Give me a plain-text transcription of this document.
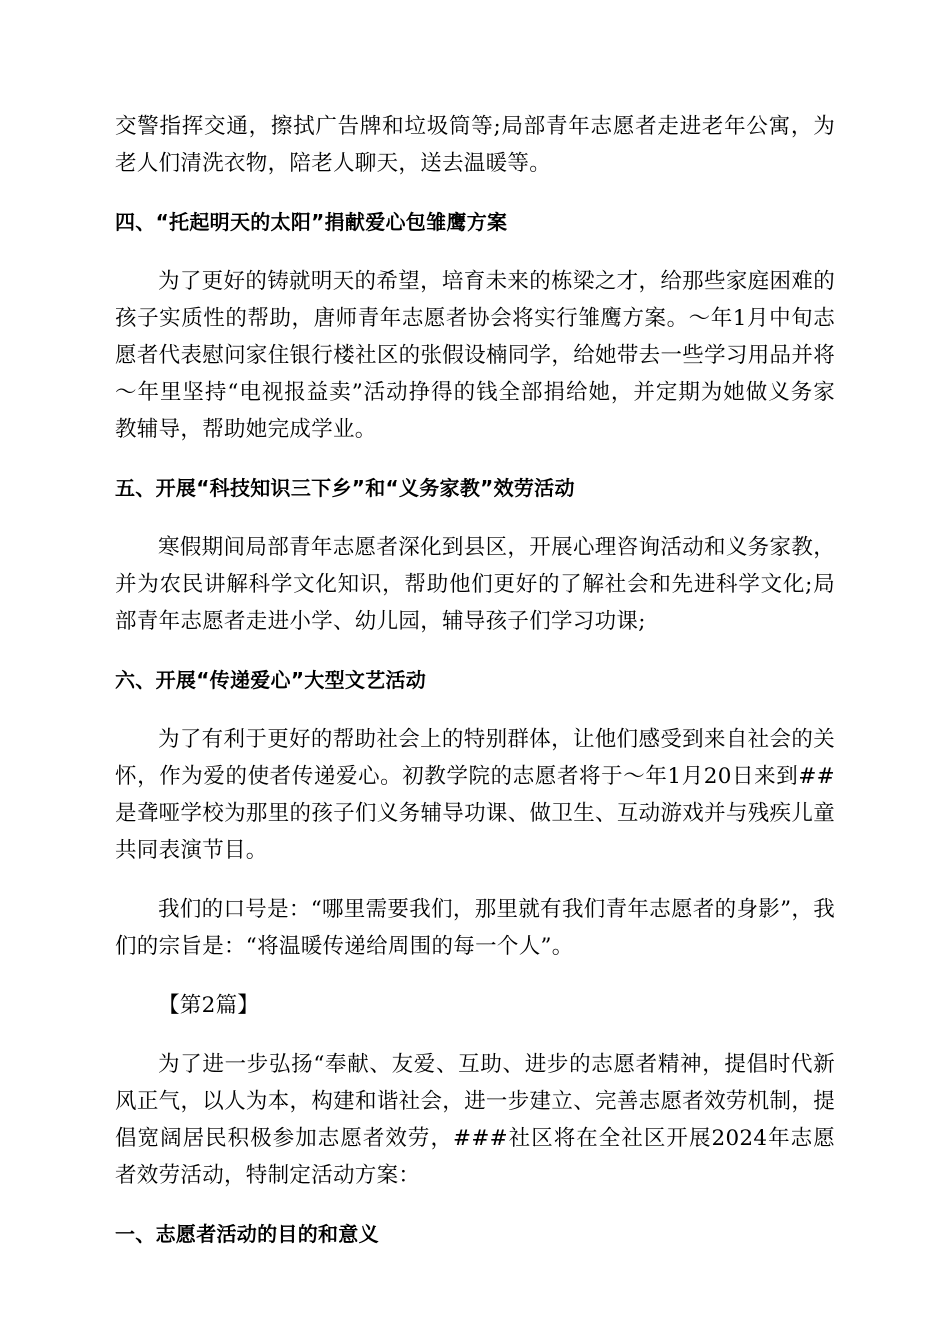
交警指挥交通，擦拭广告牌和垃圾筒等;局部青年志愿者走进老年公寓，为老人们清洗衣物，陪老人聊天，送去温暖等。

四、“托起明天的太阳”捐献爱心包雏鹰方案

为了更好的铸就明天的希望，培育未来的栋梁之才，给那些家庭困难的孩子实质性的帮助，唐师青年志愿者协会将实行雏鹰方案。～年1月中旬志愿者代表慰问家住银行楼社区的张假设楠同学，给她带去一些学习用品并将～年里坚持“电视报益卖”活动挣得的钱全部捐给她，并定期为她做义务家教辅导，帮助她完成学业。

五、开展“科技知识三下乡”和“义务家教”效劳活动

寒假期间局部青年志愿者深化到县区，开展心理咨询活动和义务家教，并为农民讲解科学文化知识，帮助他们更好的了解社会和先进科学文化;局部青年志愿者走进小学、幼儿园，辅导孩子们学习功课;

六、开展“传递爱心”大型文艺活动

为了有利于更好的帮助社会上的特别群体，让他们感受到来自社会的关怀，作为爱的使者传递爱心。初教学院的志愿者将于～年1月20日来到##是聋哑学校为那里的孩子们义务辅导功课、做卫生、互动游戏并与残疾儿童共同表演节目。

我们的口号是：“哪里需要我们，那里就有我们青年志愿者的身影”，我们的宗旨是：“将温暖传递给周围的每一个人”。

【第2篇】

为了进一步弘扬“奉献、友爱、互助、进步的志愿者精神，提倡时代新风正气，以人为本，构建和谐社会，进一步建立、完善志愿者效劳机制，提倡宽阔居民积极参加志愿者效劳，###社区将在全社区开展2024年志愿者效劳活动，特制定活动方案：

一、志愿者活动的目的和意义
